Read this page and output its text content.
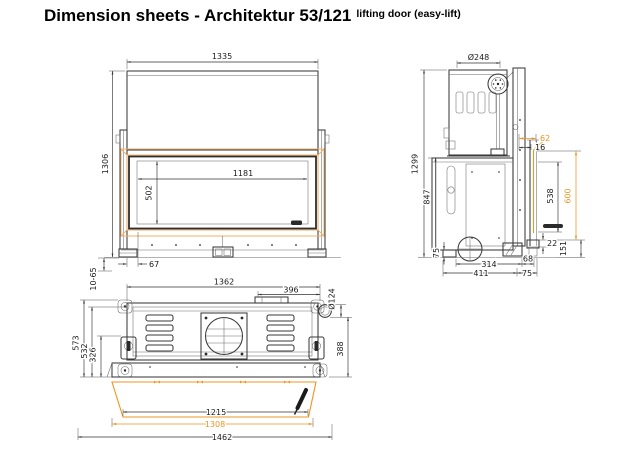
Dimension sheets - Architektur 53/121 $^{lifting door (easy-lift)}$
1335
1306	1181
502
67
10-65
Ø248
1299
847
75
62
16
538 600
22 151
314
68
411	75
1362
396	Ø124
388
573
532 326
1215
1308
1462
